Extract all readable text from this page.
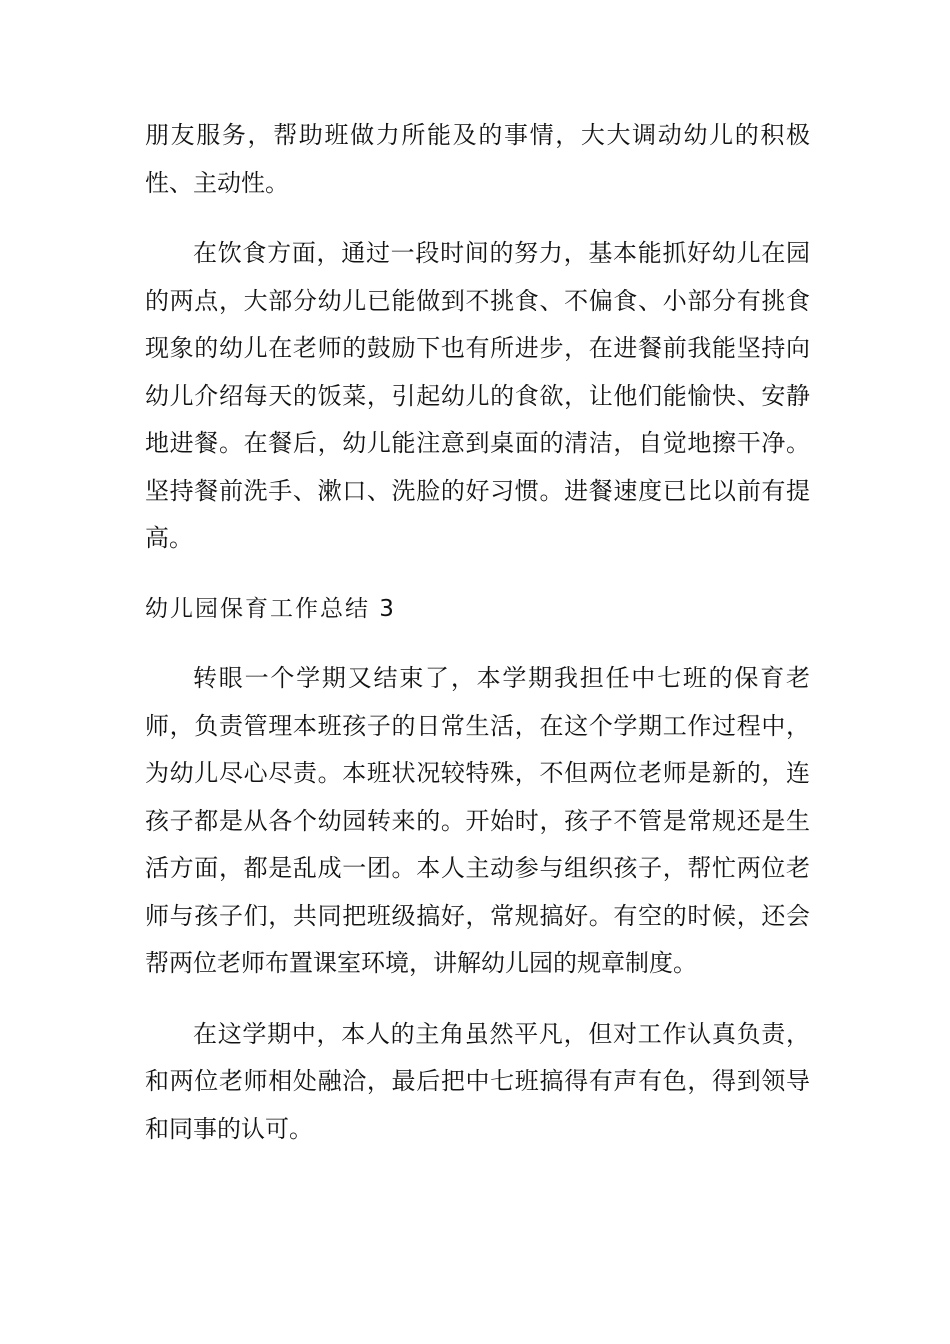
朋友服务，帮助班做力所能及的事情，大大调动幼儿的积极性、主动性。

在饮食方面，通过一段时间的努力，基本能抓好幼儿在园的两点，大部分幼儿已能做到不挑食、不偏食、小部分有挑食现象的幼儿在老师的鼓励下也有所进步，在进餐前我能坚持向幼儿介绍每天的饭菜，引起幼儿的食欲，让他们能愉快、安静地进餐。在餐后，幼儿能注意到桌面的清洁，自觉地擦干净。坚持餐前洗手、漱口、洗脸的好习惯。进餐速度已比以前有提高。

幼儿园保育工作总结 3

转眼一个学期又结束了，本学期我担任中七班的保育老师，负责管理本班孩子的日常生活，在这个学期工作过程中，为幼儿尽心尽责。本班状况较特殊，不但两位老师是新的，连孩子都是从各个幼园转来的。开始时，孩子不管是常规还是生活方面，都是乱成一团。本人主动参与组织孩子，帮忙两位老师与孩子们，共同把班级搞好，常规搞好。有空的时候，还会帮两位老师布置课室环境，讲解幼儿园的规章制度。

在这学期中，本人的主角虽然平凡，但对工作认真负责，和两位老师相处融洽，最后把中七班搞得有声有色，得到领导和同事的认可。
